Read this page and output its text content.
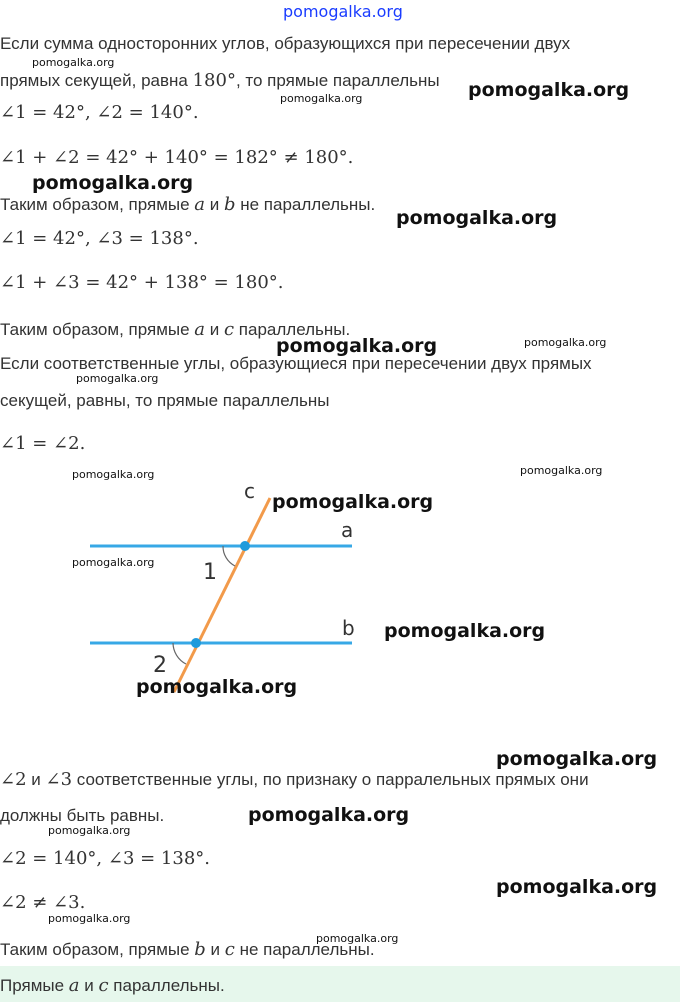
pomogalka.org
Если сумма односторонних углов, образующихся при пересечении двух
pomogalka.org
прямых секущей, равна 180°, то прямые параллельны pomogalka.org
pomogalka.org
∠1 = 42°, ∠2 = 140°.
∠1 + ∠2 = 42° + 140° = 182° ≠ 180°.
pomogalka.org
Таким образом, прямые a и b не параллельны.
pomogalka.org
∠1 = 42°, ∠3 = 138°.
∠1 + ∠3 = 42° + 138° = 180°.
Таким образом, прямые a и c параллельны.
pomogalka.org	pomogalka.org
Если соответственные углы, образующиеся при пересечении двух прямых
pomogalka.org
секущей, равны, то прямые параллельны
∠1 = ∠2.
pomogalka.org	pomogalka.org
c
a
b
1
2
pomogalka.org
pomogalka.org
pomogalka.org
pomogalka.org
pomogalka.org
∠2 и ∠3 соответственные углы, по признаку о парралельных прямых они
должны быть равны.	pomogalka.org
pomogalka.org
∠2 = 140°, ∠3 = 138°.
pomogalka.org
∠2 ≠ ∠3.
pomogalka.org
pomogalka.org
Таким образом, прямые b и c не параллельны.
Прямые a и c параллельны.
